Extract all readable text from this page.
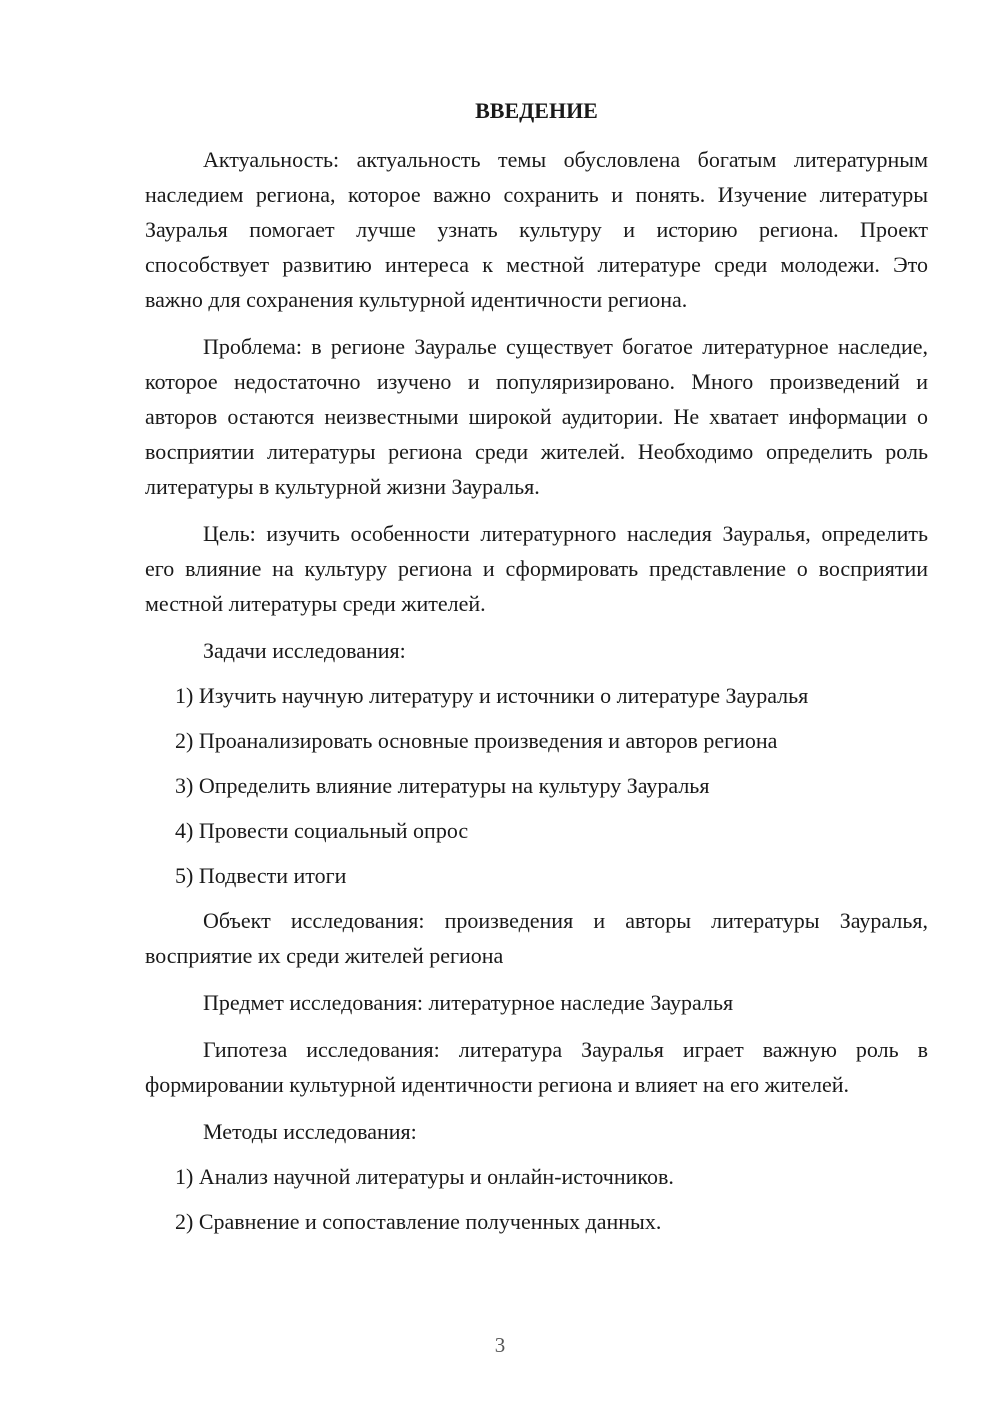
ВВЕДЕНИЕ

Актуальность: актуальность темы обусловлена богатым литературным наследием региона, которое важно сохранить и понять. Изучение литературы Зауралья помогает лучше узнать культуру и историю региона. Проект способствует развитию интереса к местной литературе среди молодежи. Это важно для сохранения культурной идентичности региона.

Проблема: в регионе Зауралье существует богатое литературное наследие, которое недостаточно изучено и популяризировано. Много произведений и авторов остаются неизвестными широкой аудитории. Не хватает информации о восприятии литературы региона среди жителей. Необходимо определить роль литературы в культурной жизни Зауралья.

Цель: изучить особенности литературного наследия Зауралья, определить его влияние на культуру региона и сформировать представление о восприятии местной литературы среди жителей.

Задачи исследования:

1) Изучить научную литературу и источники о литературе Зауралья
2) Проанализировать основные произведения и авторов региона
3) Определить влияние литературы на культуру Зауралья
4) Провести социальный опрос
5) Подвести итоги

Объект исследования: произведения и авторы литературы Зауралья, восприятие их среди жителей региона

Предмет исследования: литературное наследие Зауралья

Гипотеза исследования: литература Зауралья играет важную роль в формировании культурной идентичности региона и влияет на его жителей.

Методы исследования:

1) Анализ научной литературы и онлайн-источников.
2) Сравнение и сопоставление полученных данных.
3
